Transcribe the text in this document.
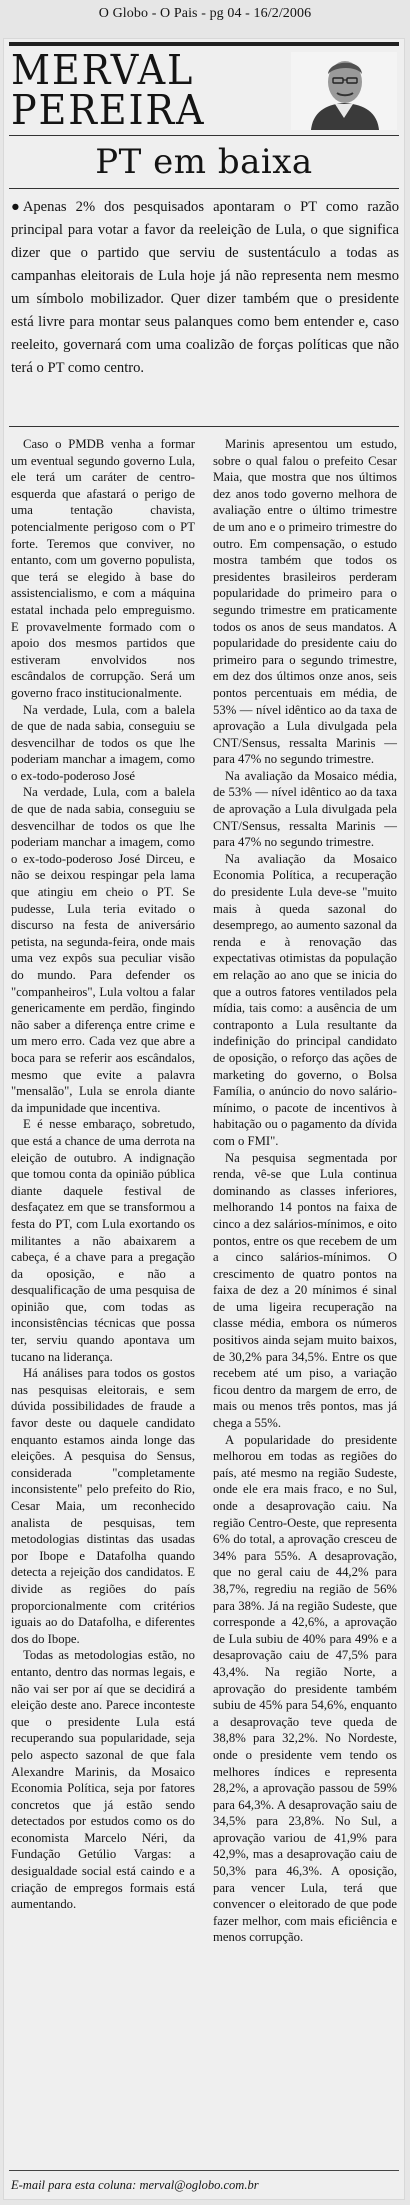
O Globo - O Pais - pg 04 - 16/2/2006
MERVAL
PEREIRA
PT em baixa
● Apenas 2% dos pesquisados apontaram o PT como razão principal para votar a favor da reeleição de Lula, o que significa dizer que o partido que serviu de sustentáculo a todas as campanhas eleitorais de Lula hoje já não representa nem mesmo um símbolo mobilizador. Quer dizer também que o presidente está livre para montar seus palanques como bem entender e, caso reeleito, governará com uma coalizão de forças políticas que não terá o PT como centro.

Caso o PMDB venha a formar um eventual segundo governo Lula, ele terá um caráter de centro-esquerda que afastará o perigo de uma tentação chavista, potencialmente perigoso com o PT forte. Teremos que conviver, no entanto, com um governo populista, que terá se elegido à base do assistencialismo, e com a máquina estatal inchada pelo empreguismo. E provavelmente formado com o apoio dos mesmos partidos que estiveram envolvidos nos escândalos de corrupção. Será um governo fraco institucionalmente.

Na verdade, Lula, com a balela de que de nada sabia, conseguiu se desvencilhar de todos os que lhe poderiam manchar a imagem, como o ex-todo-poderoso José

Na verdade, Lula, com a balela de que de nada sabia, conseguiu se desvencilhar de todos os que lhe poderiam manchar a imagem, como o ex-todo-poderoso José Dirceu, e não se deixou respingar pela lama que atingiu em cheio o PT. Se pudesse, Lula teria evitado o discurso na festa de aniversário petista, na segunda-feira, onde mais uma vez expôs sua peculiar visão do mundo. Para defender os "companheiros", Lula voltou a falar genericamente em perdão, fingindo não saber a diferença entre crime e um mero erro. Cada vez que abre a boca para se referir aos escândalos, mesmo que evite a palavra "mensalão", Lula se enrola diante da impunidade que incentiva.

E é nesse embaraço, sobretudo, que está a chance de uma derrota na eleição de outubro. A indignação que tomou conta da opinião pública diante daquele festival de desfaçatez em que se transformou a festa do PT, com Lula exortando os militantes a não abaixarem a cabeça, é a chave para a pregação da oposição, e não a desqualificação de uma pesquisa de opinião que, com todas as inconsistências técnicas que possa ter, serviu quando apontava um tucano na liderança.

Há análises para todos os gostos nas pesquisas eleitorais, e sem dúvida possibilidades de fraude a favor deste ou daquele candidato enquanto estamos ainda longe das eleições. A pesquisa do Sensus, considerada "completamente inconsistente" pelo prefeito do Rio, Cesar Maia, um reconhecido analista de pesquisas, tem metodologias distintas das usadas por Ibope e Datafolha quando detecta a rejeição dos candidatos. E divide as regiões do país proporcionalmente com critérios iguais ao do Datafolha, e diferentes dos do Ibope.

Todas as metodologias estão, no entanto, dentro das normas legais, e não vai ser por aí que se decidirá a eleição deste ano. Parece inconteste que o presidente Lula está recuperando sua popularidade, seja pelo aspecto sazonal de que fala Alexandre Marinis, da Mosaico Economia Política, seja por fatores concretos que já estão sendo detectados por estudos como os do economista Marcelo Néri, da Fundação Getúlio Vargas: a desigualdade social está caindo e a criação de empregos formais está aumentando.

Marinis apresentou um estudo, sobre o qual falou o prefeito Cesar Maia, que mostra que nos últimos dez anos todo governo melhora de avaliação entre o último trimestre de um ano e o primeiro trimestre do outro. Em compensação, o estudo mostra também que todos os presidentes brasileiros perderam popularidade do primeiro para o segundo trimestre em praticamente todos os anos de seus mandatos. A popularidade do presidente caiu do primeiro para o segundo trimestre, em dez dos últimos onze anos, seis pontos percentuais em média, de 53% — nível idêntico ao da taxa de aprovação a Lula divulgada pela CNT/Sensus, ressalta Marinis — para 47% no segundo trimestre.

Na avaliação da Mosaico média, de 53% — nível idêntico ao da taxa de aprovação a Lula divulgada pela CNT/Sensus, ressalta Marinis — para 47% no segundo trimestre.

Na avaliação da Mosaico Economia Política, a recuperação do presidente Lula deve-se "muito mais à queda sazonal do desemprego, ao aumento sazonal da renda e à renovação das expectativas otimistas da população em relação ao ano que se inicia do que a outros fatores ventilados pela mídia, tais como: a ausência de um contraponto a Lula resultante da indefinição do principal candidato de oposição, o reforço das ações de marketing do governo, o Bolsa Família, o anúncio do novo salário-mínimo, o pacote de incentivos à habitação ou o pagamento da dívida com o FMI".

Na pesquisa segmentada por renda, vê-se que Lula continua dominando as classes inferiores, melhorando 14 pontos na faixa de cinco a dez salários-mínimos, e oito pontos, entre os que recebem de um a cinco salários-mínimos. O crescimento de quatro pontos na faixa de dez a 20 mínimos é sinal de uma ligeira recuperação na classe média, embora os números positivos ainda sejam muito baixos, de 30,2% para 34,5%. Entre os que recebem até um piso, a variação ficou dentro da margem de erro, de mais ou menos três pontos, mas já chega a 55%.

A popularidade do presidente melhorou em todas as regiões do país, até mesmo na região Sudeste, onde ele era mais fraco, e no Sul, onde a desaprovação caiu. Na região Centro-Oeste, que representa 6% do total, a aprovação cresceu de 34% para 55%. A desaprovação, que no geral caiu de 44,2% para 38,7%, regrediu na região de 56% para 38%. Já na região Sudeste, que corresponde a 42,6%, a aprovação de Lula subiu de 40% para 49% e a desaprovação caiu de 47,5% para 43,4%. Na região Norte, a aprovação do presidente também subiu de 45% para 54,6%, enquanto a desaprovação teve queda de 38,8% para 32,2%. No Nordeste, onde o presidente vem tendo os melhores índices e representa 28,2%, a aprovação passou de 59% para 64,3%. A desaprovação saiu de 34,5% para 23,8%. No Sul, a aprovação variou de 41,9% para 42,9%, mas a desaprovação caiu de 50,3% para 46,3%. A oposição, para vencer Lula, terá que convencer o eleitorado de que pode fazer melhor, com mais eficiência e menos corrupção.

E-mail para esta coluna: merval@oglobo.com.br
